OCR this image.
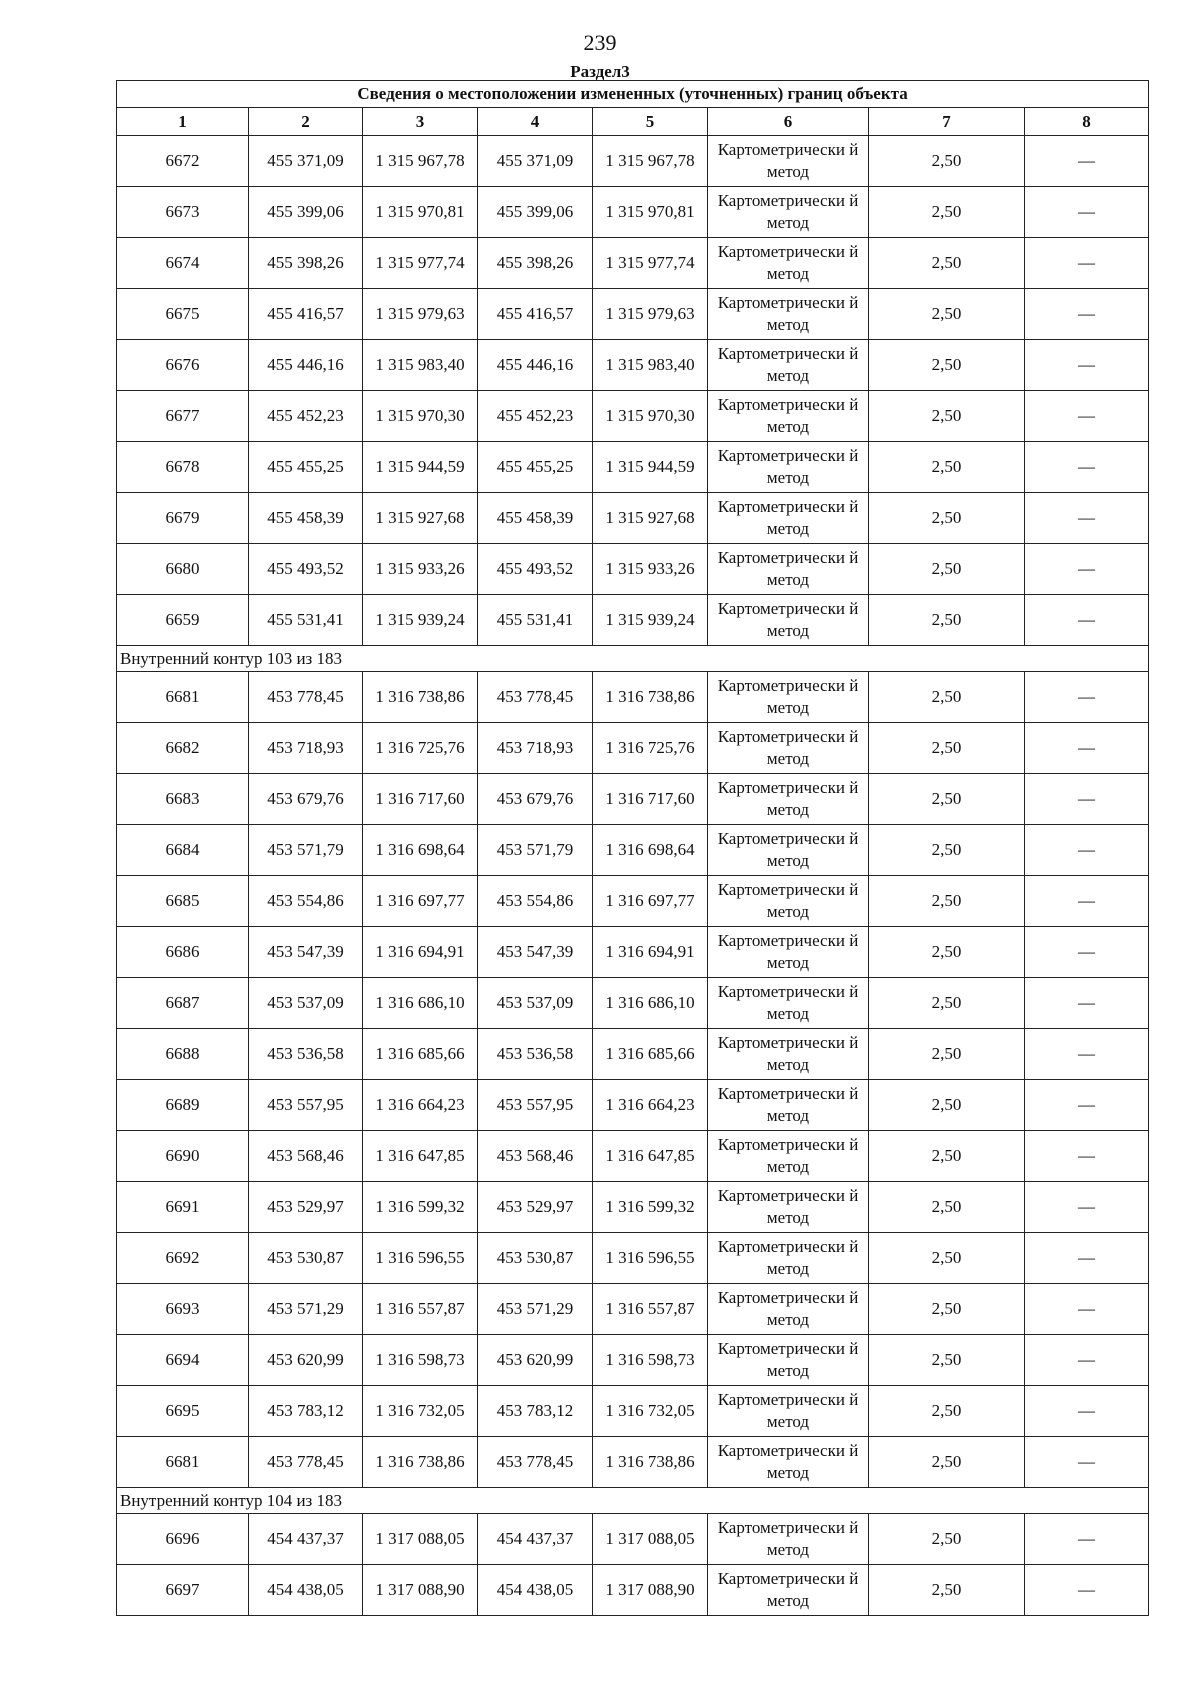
239
Раздел3
Сведения о местоположении измененных (уточненных) границ объекта							
1	2	3	4	5	6	7	8
6672	455 371,09	1 315 967,78	455 371,09	1 315 967,78	Картометрически й метод	2,50	—
6673	455 399,06	1 315 970,81	455 399,06	1 315 970,81	Картометрически й метод	2,50	—
6674	455 398,26	1 315 977,74	455 398,26	1 315 977,74	Картометрически й метод	2,50	—
6675	455 416,57	1 315 979,63	455 416,57	1 315 979,63	Картометрически й метод	2,50	—
6676	455 446,16	1 315 983,40	455 446,16	1 315 983,40	Картометрически й метод	2,50	—
6677	455 452,23	1 315 970,30	455 452,23	1 315 970,30	Картометрически й метод	2,50	—
6678	455 455,25	1 315 944,59	455 455,25	1 315 944,59	Картометрически й метод	2,50	—
6679	455 458,39	1 315 927,68	455 458,39	1 315 927,68	Картометрически й метод	2,50	—
6680	455 493,52	1 315 933,26	455 493,52	1 315 933,26	Картометрически й метод	2,50	—
6659	455 531,41	1 315 939,24	455 531,41	1 315 939,24	Картометрически й метод	2,50	—
Внутренний контур 103 из 183							
6681	453 778,45	1 316 738,86	453 778,45	1 316 738,86	Картометрически й метод	2,50	—
6682	453 718,93	1 316 725,76	453 718,93	1 316 725,76	Картометрически й метод	2,50	—
6683	453 679,76	1 316 717,60	453 679,76	1 316 717,60	Картометрически й метод	2,50	—
6684	453 571,79	1 316 698,64	453 571,79	1 316 698,64	Картометрически й метод	2,50	—
6685	453 554,86	1 316 697,77	453 554,86	1 316 697,77	Картометрически й метод	2,50	—
6686	453 547,39	1 316 694,91	453 547,39	1 316 694,91	Картометрически й метод	2,50	—
6687	453 537,09	1 316 686,10	453 537,09	1 316 686,10	Картометрически й метод	2,50	—
6688	453 536,58	1 316 685,66	453 536,58	1 316 685,66	Картометрически й метод	2,50	—
6689	453 557,95	1 316 664,23	453 557,95	1 316 664,23	Картометрически й метод	2,50	—
6690	453 568,46	1 316 647,85	453 568,46	1 316 647,85	Картометрически й метод	2,50	—
6691	453 529,97	1 316 599,32	453 529,97	1 316 599,32	Картометрически й метод	2,50	—
6692	453 530,87	1 316 596,55	453 530,87	1 316 596,55	Картометрически й метод	2,50	—
6693	453 571,29	1 316 557,87	453 571,29	1 316 557,87	Картометрически й метод	2,50	—
6694	453 620,99	1 316 598,73	453 620,99	1 316 598,73	Картометрически й метод	2,50	—
6695	453 783,12	1 316 732,05	453 783,12	1 316 732,05	Картометрически й метод	2,50	—
6681	453 778,45	1 316 738,86	453 778,45	1 316 738,86	Картометрически й метод	2,50	—
Внутренний контур 104 из 183							
6696	454 437,37	1 317 088,05	454 437,37	1 317 088,05	Картометрически й метод	2,50	—
6697	454 438,05	1 317 088,90	454 438,05	1 317 088,90	Картометрически й метод	2,50	—
